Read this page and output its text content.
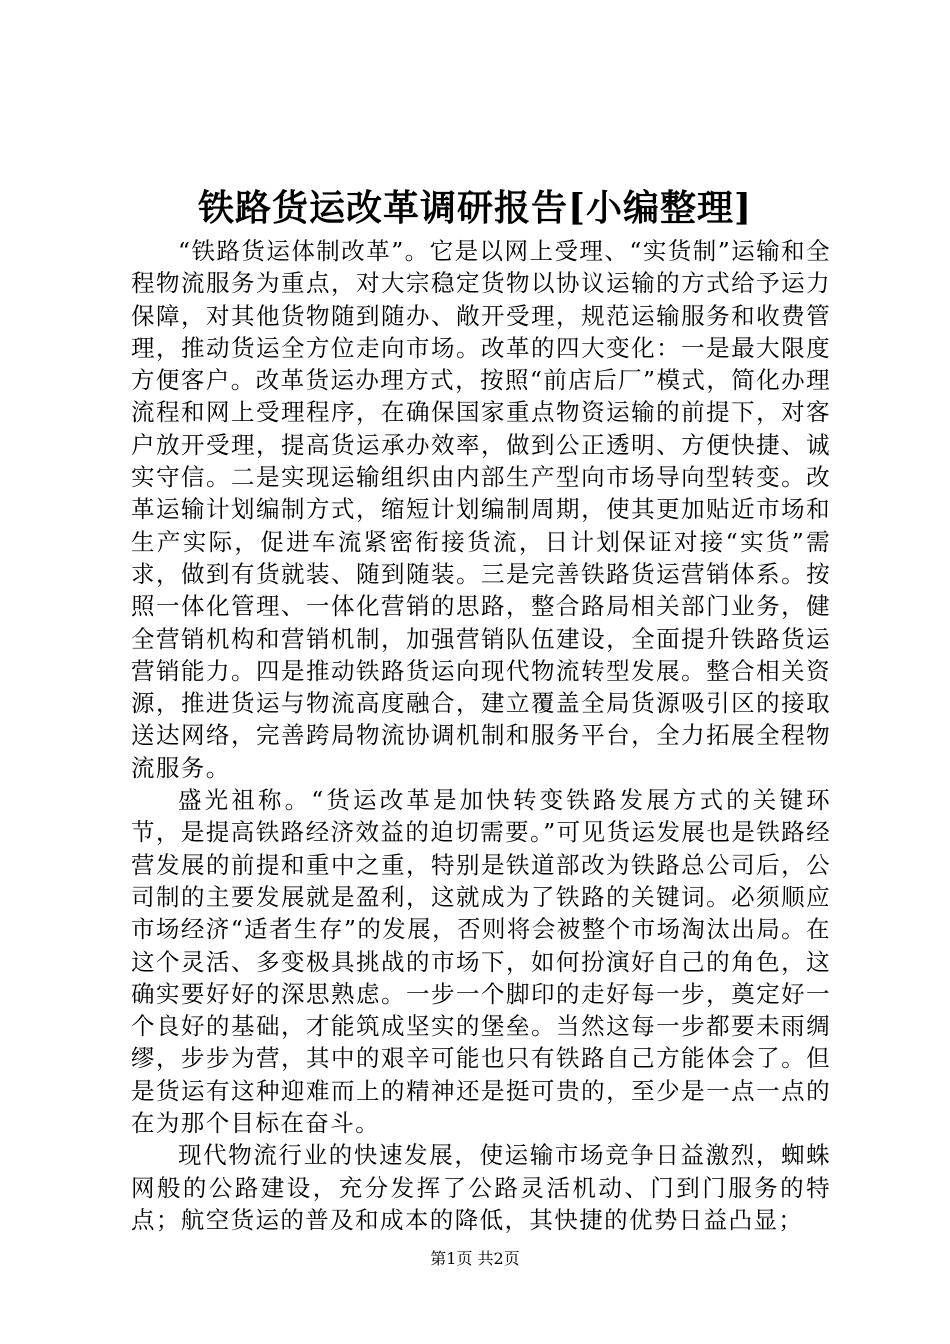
铁路货运改革调研报告[小编整理]

“铁路货运体制改革”。它是以网上受理、“实货制”运输和全程物流服务为重点，对大宗稳定货物以协议运输的方式给予运力保障，对其他货物随到随办、敞开受理，规范运输服务和收费管理，推动货运全方位走向市场。改革的四大变化：一是最大限度方便客户。改革货运办理方式，按照“前店后厂”模式，简化办理流程和网上受理程序，在确保国家重点物资运输的前提下，对客户放开受理，提高货运承办效率，做到公正透明、方便快捷、诚实守信。二是实现运输组织由内部生产型向市场导向型转变。改革运输计划编制方式，缩短计划编制周期，使其更加贴近市场和生产实际，促进车流紧密衔接货流，日计划保证对接“实货”需求，做到有货就装、随到随装。三是完善铁路货运营销体系。按照一体化管理、一体化营销的思路，整合路局相关部门业务，健全营销机构和营销机制，加强营销队伍建设，全面提升铁路货运营销能力。四是推动铁路货运向现代物流转型发展。整合相关资源，推进货运与物流高度融合，建立覆盖全局货源吸引区的接取送达网络，完善跨局物流协调机制和服务平台，全力拓展全程物流服务。

盛光祖称。“货运改革是加快转变铁路发展方式的关键环节，是提高铁路经济效益的迫切需要。”可见货运发展也是铁路经营发展的前提和重中之重，特别是铁道部改为铁路总公司后，公司制的主要发展就是盈利，这就成为了铁路的关键词。必须顺应市场经济“适者生存”的发展，否则将会被整个市场淘汰出局。在这个灵活、多变极具挑战的市场下，如何扮演好自己的角色，这确实要好好的深思熟虑。一步一个脚印的走好每一步，奠定好一个良好的基础，才能筑成坚实的堡垒。当然这每一步都要未雨绸缪，步步为营，其中的艰辛可能也只有铁路自己方能体会了。但是货运有这种迎难而上的精神还是挺可贵的，至少是一点一点的在为那个目标在奋斗。

现代物流行业的快速发展，使运输市场竞争日益激烈，蜘蛛网般的公路建设，充分发挥了公路灵活机动、门到门服务的特点；航空货运的普及和成本的降低，其快捷的优势日益凸显；

第1页 共2页
